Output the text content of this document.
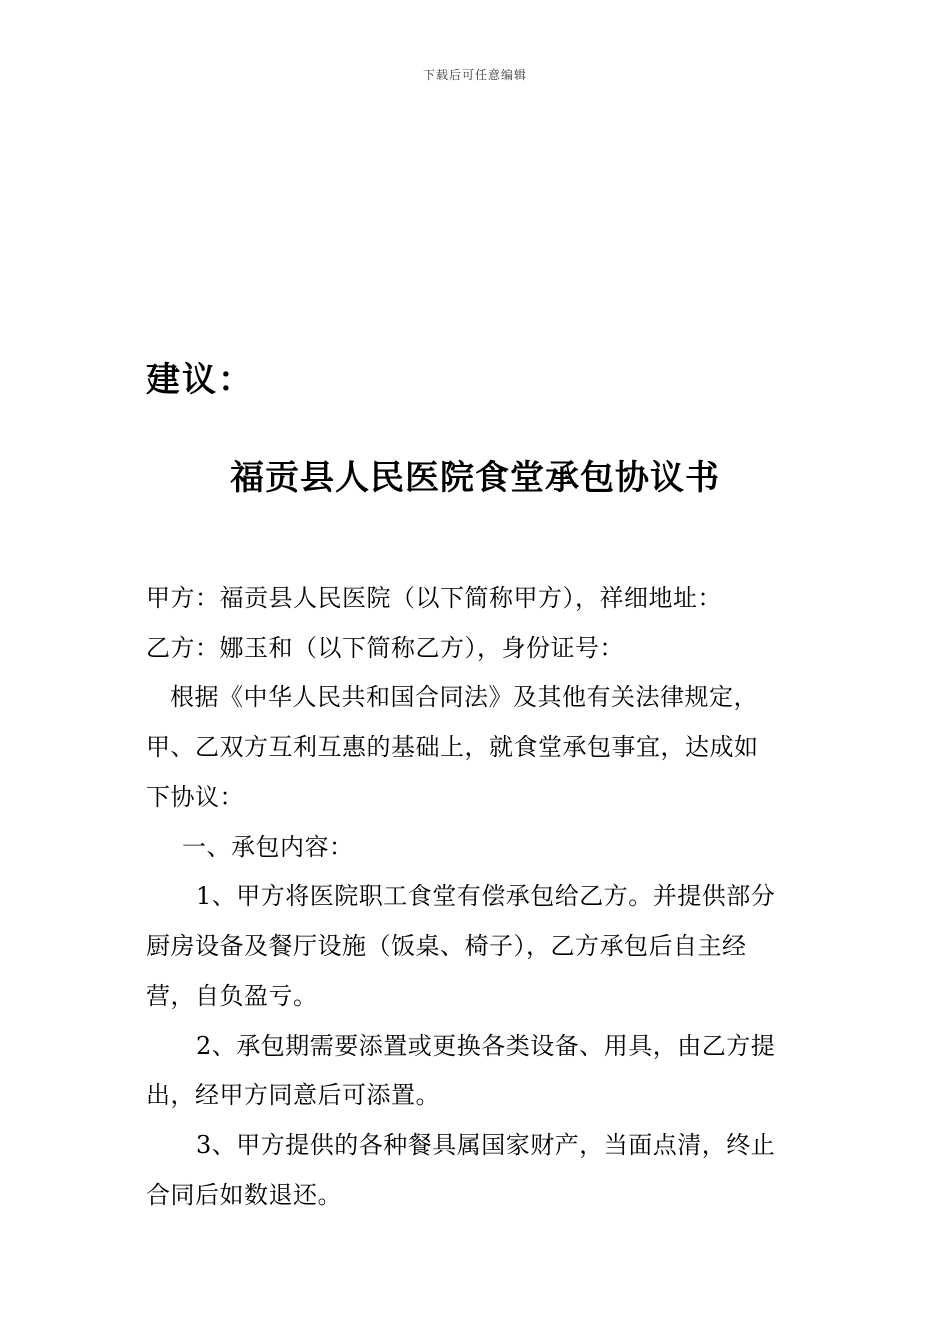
下载后可任意编辑
建议：
福贡县人民医院食堂承包协议书
甲方：福贡县人民医院（以下简称甲方），祥细地址：
乙方：娜玉和（以下简称乙方），身份证号：
根据《中华人民共和国合同法》及其他有关法律规定，
甲、乙双方互利互惠的基础上，就食堂承包事宜，达成如
下协议：
一、承包内容：
1、甲方将医院职工食堂有偿承包给乙方。并提供部分
厨房设备及餐厅设施（饭桌、椅子），乙方承包后自主经
营，自负盈亏。
2、承包期需要添置或更换各类设备、用具，由乙方提
出，经甲方同意后可添置。
3、甲方提供的各种餐具属国家财产，当面点清，终止
合同后如数退还。
